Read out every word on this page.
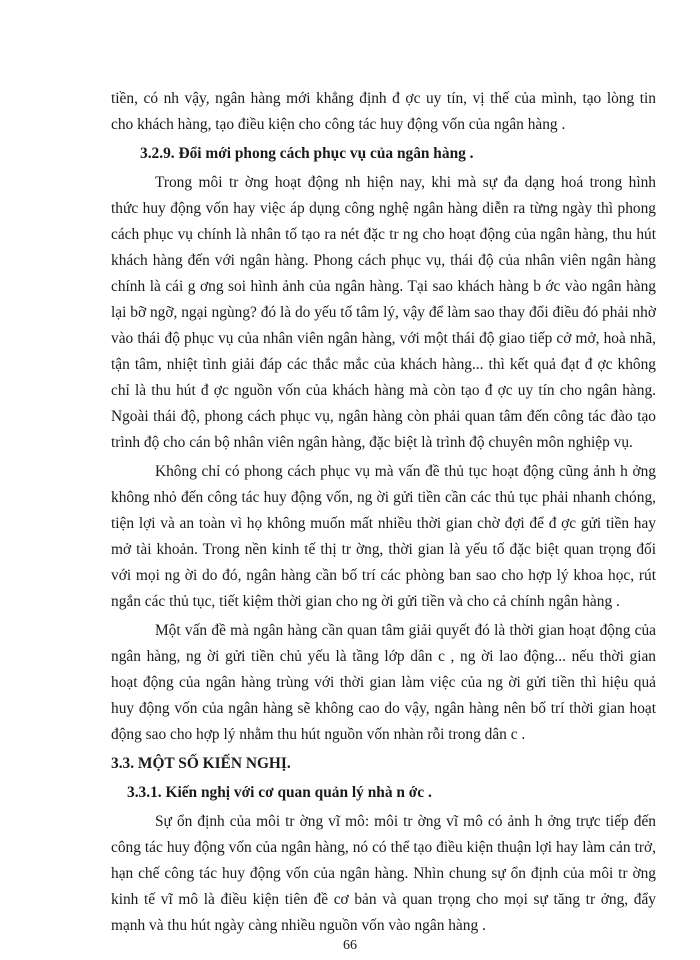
tiền, có nh vậy, ngân hàng mới khẳng định đ ợc uy tín, vị thế của mình, tạo lòng tin
cho khách hàng, tạo điều kiện cho công tác huy động vốn của ngân hàng .
3.2.9. Đổi mới phong cách phục vụ của ngân hàng .
Trong môi tr ờng hoạt động nh hiện nay, khi mà sự đa dạng hoá trong hình
thức huy động vốn hay việc áp dụng công nghệ ngân hàng diễn ra từng ngày thì phong
cách phục vụ chính là nhân tố tạo ra nét đặc tr ng cho hoạt động của ngân hàng, thu hút
khách hàng đến với ngân hàng. Phong cách phục vụ, thái độ của nhân viên ngân hàng
chính là cái g ơng soi hình ảnh của ngân hàng. Tại sao khách hàng b ớc vào ngân hàng
lại bỡ ngỡ, ngại ngùng? đó là do yếu tố tâm lý, vậy để làm sao thay đổi điều đó phải nhờ
vào thái độ phục vụ của nhân viên ngân hàng, với một thái độ giao tiếp cở mở, hoà nhã,
tận tâm, nhiệt tình giải đáp các thắc mắc của khách hàng... thì kết quả đạt đ ợc không
chỉ là thu hút đ ợc nguồn vốn của khách hàng mà còn tạo đ ợc uy tín cho ngân hàng.
Ngoài thái độ, phong cách phục vụ, ngân hàng còn phải quan tâm đến công tác đào tạo
trình độ cho cán bộ nhân viên ngân hàng, đặc biệt là trình độ chuyên môn nghiệp vụ.
Không chỉ có phong cách phục vụ mà vấn đề thủ tục hoạt động cũng ảnh h ởng
không nhỏ đến công tác huy động vốn, ng ời gửi tiền cần các thủ tục phải nhanh chóng,
tiện lợi và an toàn vì họ không muốn mất nhiều thời gian chờ đợi để đ ợc gửi tiền hay
mở tài khoản. Trong nền kinh tế thị tr ờng, thời gian là yếu tố đặc biệt quan trọng đối
với mọi ng ời do đó, ngân hàng cần bố trí các phòng ban sao cho hợp lý khoa học, rút
ngắn các thủ tục, tiết kiệm thời gian cho ng ời gửi tiền và cho cả chính ngân hàng .
Một vấn đề mà ngân hàng cần quan tâm giải quyết đó là thời gian hoạt động của
ngân hàng, ng ời gửi tiền chủ yếu là tầng lớp dân c , ng ời lao động... nếu thời gian
hoạt động của ngân hàng trùng với thời gian làm việc của ng ời gửi tiền thì hiệu quả
huy động vốn của ngân hàng sẽ không cao do vậy, ngân hàng nên bố trí thời gian hoạt
động sao cho hợp lý nhằm thu hút nguồn vốn nhàn rỗi trong dân c .
3.3. MỘT SỐ KIẾN NGHỊ.
3.3.1. Kiến nghị với cơ quan quản lý nhà n ớc .
Sự ổn định của môi tr ờng vĩ mô: môi tr ờng vĩ mô có ảnh h ởng trực tiếp đến
công tác huy động vốn của ngân hàng, nó có thể tạo điều kiện thuận lợi hay làm cản trở,
hạn chế công tác huy động vốn của ngân hàng. Nhìn chung sự ổn định của môi tr ờng
kinh tế vĩ mô là điều kiện tiên đề cơ bản và quan trọng cho mọi sự tăng tr ởng, đẩy
mạnh và thu hút ngày càng nhiều nguồn vốn vào ngân hàng .
66
